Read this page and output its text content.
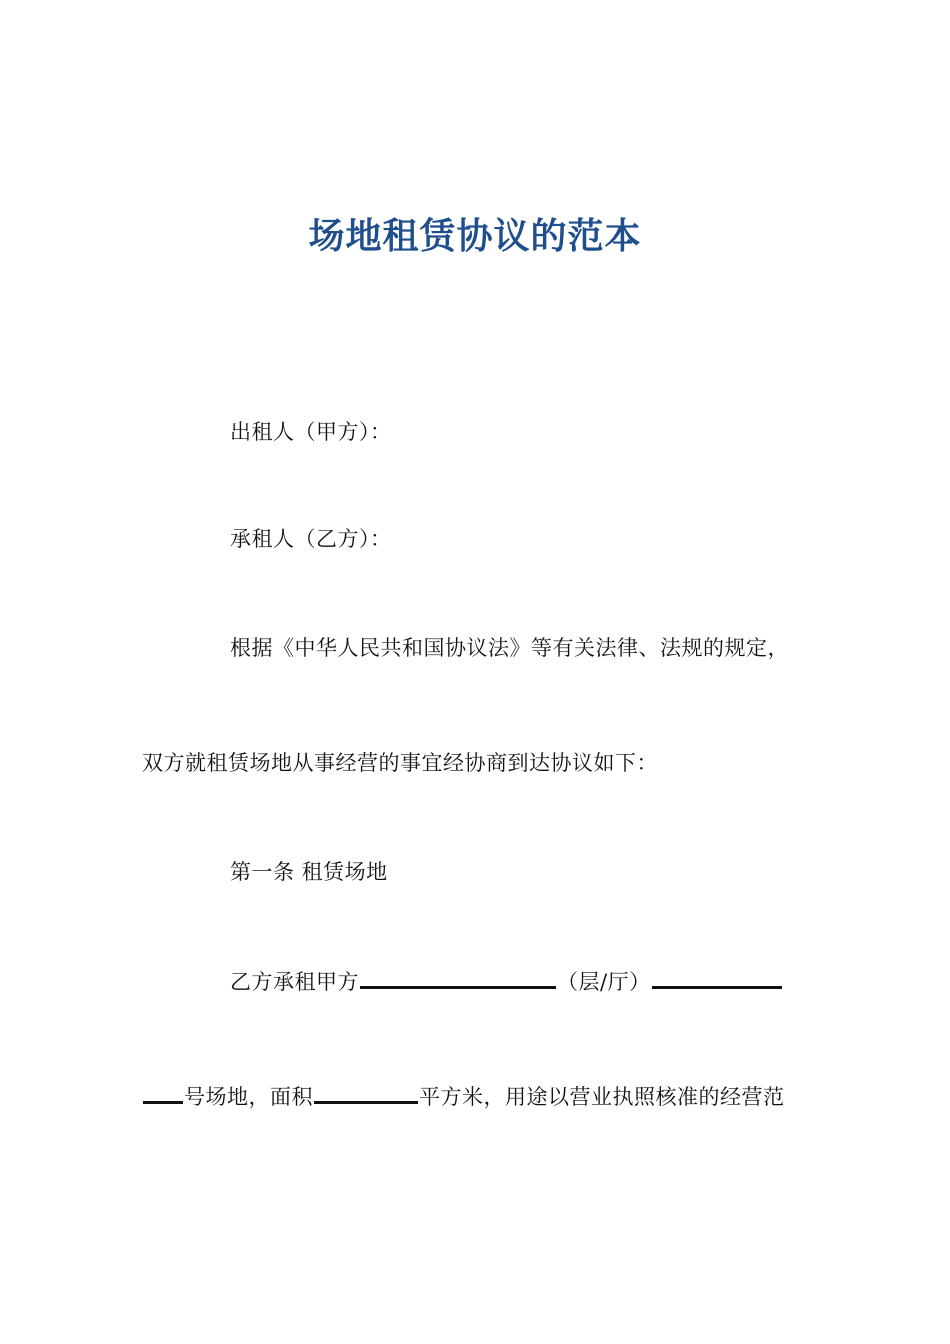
场地租赁协议的范本
出租人（甲方）：
承租人（乙方）：
根据《中华人民共和国协议法》等有关法律、法规的规定，
双方就租赁场地从事经营的事宜经协商到达协议如下：
第一条 租赁场地
乙方承租甲方	（层/厅）
号场地，面积	平方米，用途以营业执照核准的经营范
